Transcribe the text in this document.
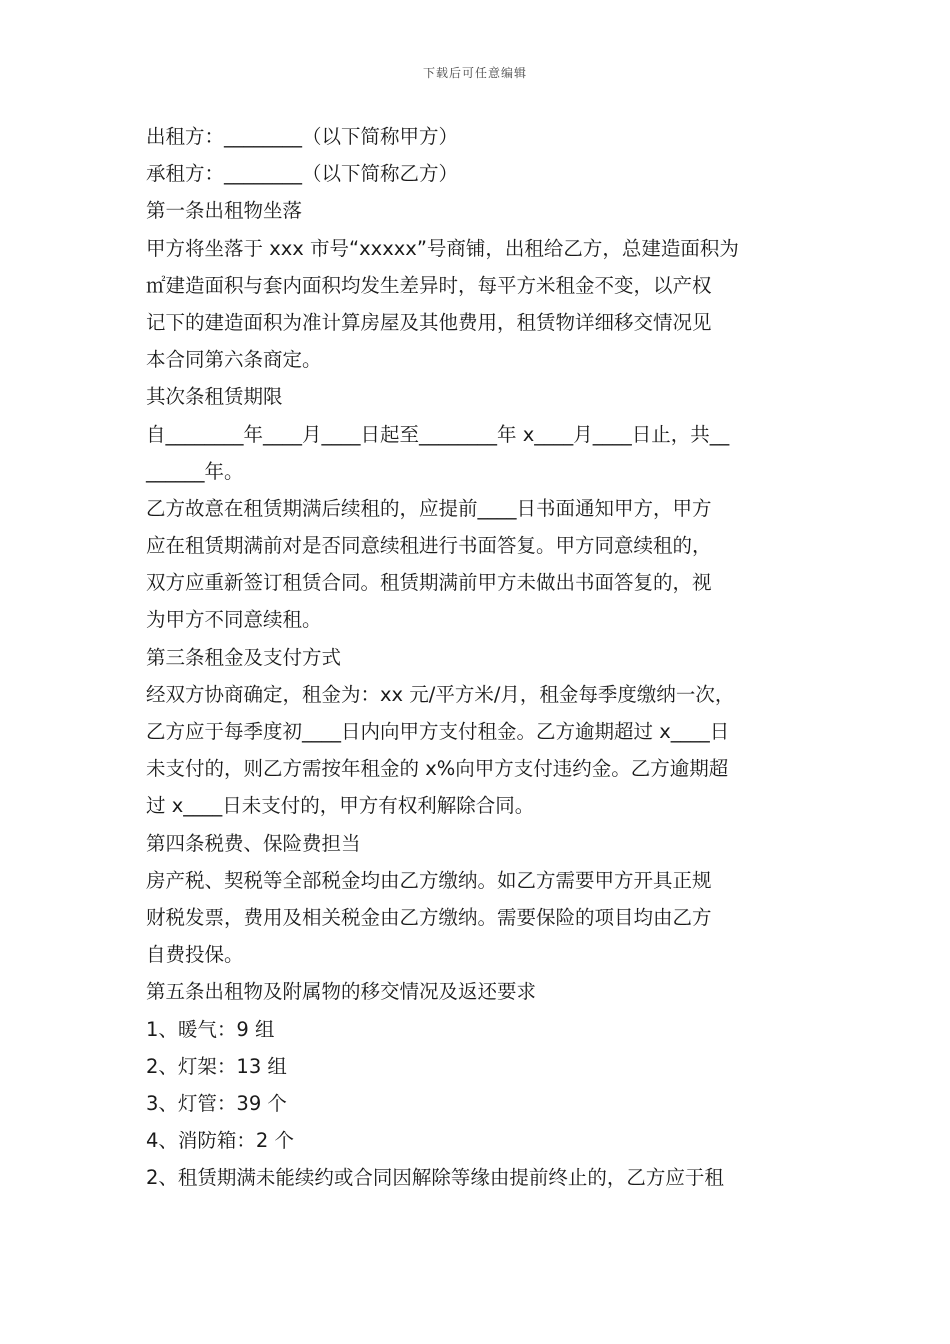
下载后可任意编辑
出租方：________（以下简称甲方）
承租方：________（以下简称乙方）
第一条出租物坐落
甲方将坐落于 xxx 市号“xxxxx”号商铺，出租给乙方，总建造面积为
㎡建造面积与套内面积均发生差异时，每平方米租金不变，以产权
记下的建造面积为准计算房屋及其他费用，租赁物详细移交情况见
本合同第六条商定。
其次条租赁期限
自________年____月____日起至________年 x____月____日止，共__
______年。
乙方故意在租赁期满后续租的，应提前____日书面通知甲方，甲方
应在租赁期满前对是否同意续租进行书面答复。甲方同意续租的，
双方应重新签订租赁合同。租赁期满前甲方未做出书面答复的，视
为甲方不同意续租。
第三条租金及支付方式
经双方协商确定，租金为：xx 元/平方米/月，租金每季度缴纳一次，
乙方应于每季度初____日内向甲方支付租金。乙方逾期超过 x____日
未支付的，则乙方需按年租金的 x%向甲方支付违约金。乙方逾期超
过 x____日未支付的，甲方有权利解除合同。
第四条税费、保险费担当
房产税、契税等全部税金均由乙方缴纳。如乙方需要甲方开具正规
财税发票，费用及相关税金由乙方缴纳。需要保险的项目均由乙方
自费投保。
第五条出租物及附属物的移交情况及返还要求
1、暖气：9 组
2、灯架：13 组
3、灯管：39 个
4、消防箱：2 个
2、租赁期满未能续约或合同因解除等缘由提前终止的，乙方应于租
